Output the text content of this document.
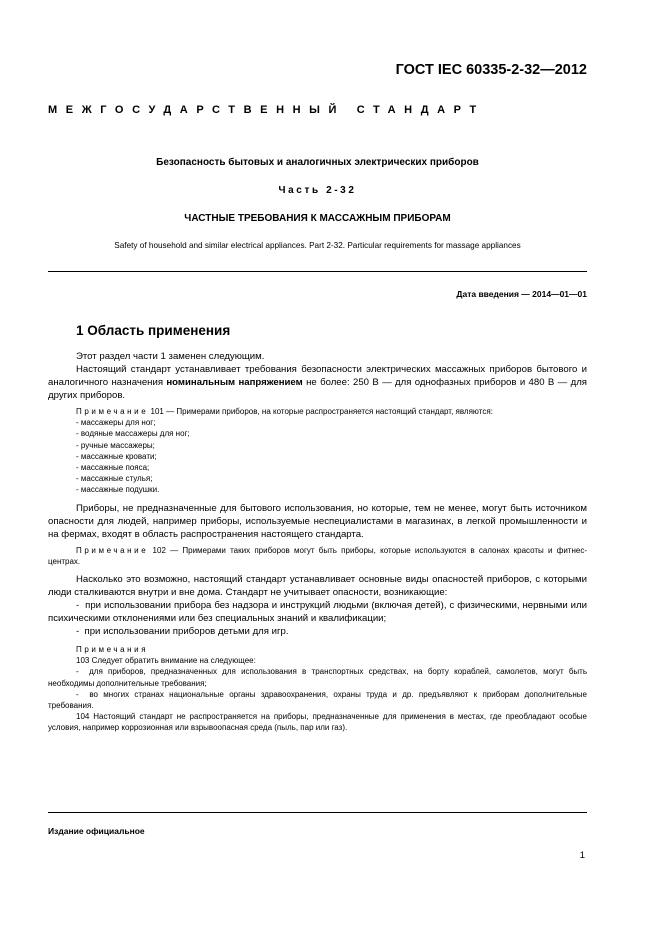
ГОСТ IEC 60335-2-32—2012
МЕЖГОСУДАРСТВЕННЫЙ СТАНДАРТ
Безопасность бытовых и аналогичных электрических приборов
Часть 2-32
ЧАСТНЫЕ ТРЕБОВАНИЯ К МАССАЖНЫМ ПРИБОРАМ
Safety of household and similar electrical appliances. Part 2-32. Particular requirements for massage appliances
Дата введения — 2014—01—01
1 Область применения

Этот раздел части 1 заменен следующим.

Настоящий стандарт устанавливает требования безопасности электрических массажных приборов бытового и аналогичного назначения номинальным напряжением не более: 250 В — для однофазных приборов и 480 В — для других приборов.

Примечание 101 — Примерами приборов, на которые распространяется настоящий стандарт, являются:

- массажеры для ног;
- водяные массажеры для ног;
- ручные массажеры;
- массажные кровати;
- массажные пояса;
- массажные стулья;
- массажные подушки.

Приборы, не предназначенные для бытового использования, но которые, тем не менее, могут быть источником опасности для людей, например приборы, используемые неспециалистами в магазинах, в легкой промышленности и на фермах, входят в область распространения настоящего стандарта.

Примечание 102 — Примерами таких приборов могут быть приборы, которые используются в салонах красоты и фитнес-центрах.

Насколько это возможно, настоящий стандарт устанавливает основные виды опасностей приборов, с которыми люди сталкиваются внутри и вне дома. Стандарт не учитывает опасности, возникающие:

-  при использовании прибора без надзора и инструкций людьми (включая детей), с физическими, нервными или психическими отклонениями или без специальных знаний и квалификации;

-  при использовании приборов детьми для игр.

Примечания

103 Следует обратить внимание на следующее:

-  для приборов, предназначенных для использования в транспортных средствах, на борту кораблей, самолетов, могут быть необходимы дополнительные требования;

-  во многих странах национальные органы здравоохранения, охраны труда и др. предъявляют к приборам дополнительные требования.

104 Настоящий стандарт не распространяется на приборы, предназначенные для применения в местах, где преобладают особые условия, например коррозионная или взрывоопасная среда (пыль, пар или газ).

Издание официальное
1
